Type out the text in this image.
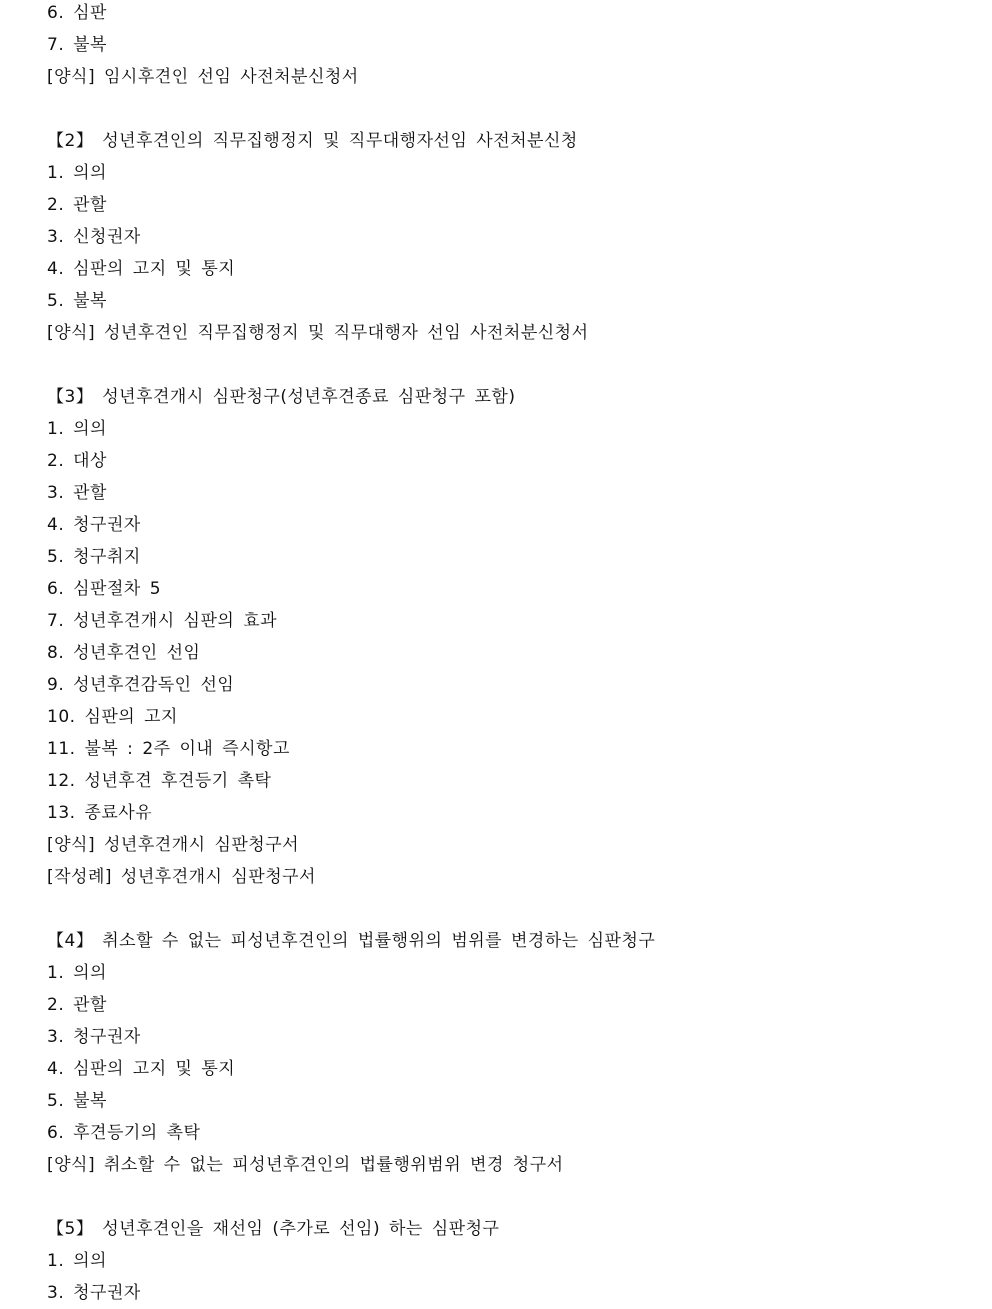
6. 심판
7. 불복
[양식] 임시후견인 선임 사전처분신청서
【2】 성년후견인의 직무집행정지 및 직무대행자선임 사전처분신청
1. 의의
2. 관할
3. 신청권자
4. 심판의 고지 및 통지
5. 불복
[양식] 성년후견인 직무집행정지 및 직무대행자 선임 사전처분신청서
【3】 성년후견개시 심판청구(성년후견종료 심판청구 포함)
1. 의의
2. 대상
3. 관할
4. 청구권자
5. 청구취지
6. 심판절차 5
7. 성년후견개시 심판의 효과
8. 성년후견인 선임
9. 성년후견감독인 선임
10. 심판의 고지
11. 불복 : 2주 이내 즉시항고
12. 성년후견 후견등기 촉탁
13. 종료사유
[양식] 성년후견개시 심판청구서
[작성례] 성년후견개시 심판청구서
【4】 취소할 수 없는 피성년후견인의 법률행위의 범위를 변경하는 심판청구
1. 의의
2. 관할
3. 청구권자
4. 심판의 고지 및 통지
5. 불복
6. 후견등기의 촉탁
[양식] 취소할 수 없는 피성년후견인의 법률행위범위 변경 청구서
【5】 성년후견인을 재선임 (추가로 선임) 하는 심판청구
1. 의의
3. 청구권자
